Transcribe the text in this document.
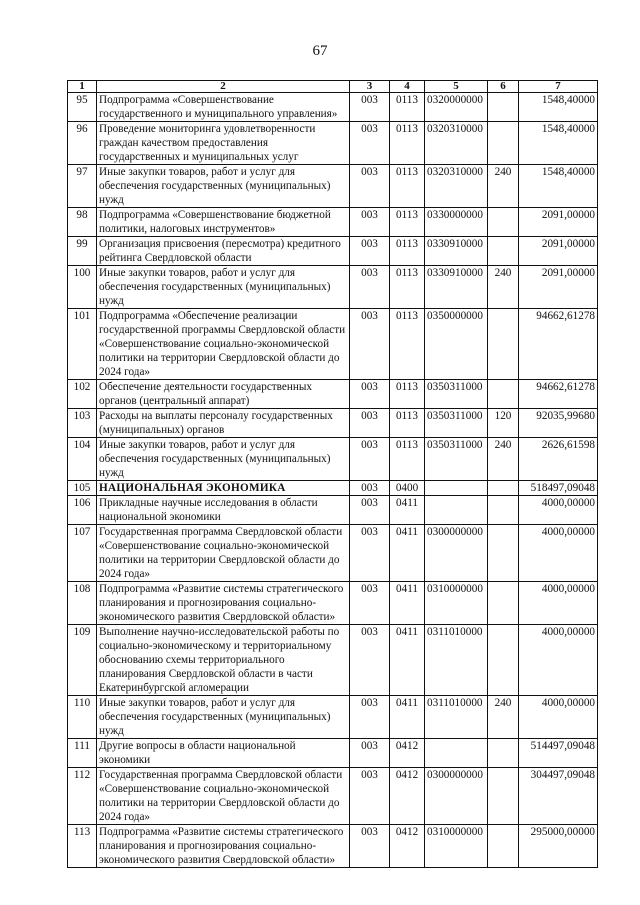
67
1	2	3	4	5	6	7
95	Подпрограмма «Совершенствование государственного и муниципального управления»	003	0113	0320000000		1548,40000
96	Проведение мониторинга удовлетворенности граждан качеством предоставления государственных и муниципальных услуг	003	0113	0320310000		1548,40000
97	Иные закупки товаров, работ и услуг для обеспечения государственных (муниципальных) нужд	003	0113	0320310000	240	1548,40000
98	Подпрограмма «Совершенствование бюджетной политики, налоговых инструментов»	003	0113	0330000000		2091,00000
99	Организация присвоения (пересмотра) кредитного рейтинга Свердловской области	003	0113	0330910000		2091,00000
100	Иные закупки товаров, работ и услуг для обеспечения государственных (муниципальных) нужд	003	0113	0330910000	240	2091,00000
101	Подпрограмма «Обеспечение реализации государственной программы Свердловской области «Совершенствование социально-экономической политики на территории Свердловской области до 2024 года»	003	0113	0350000000		94662,61278
102	Обеспечение деятельности государственных органов (центральный аппарат)	003	0113	0350311000		94662,61278
103	Расходы на выплаты персоналу государственных (муниципальных) органов	003	0113	0350311000	120	92035,99680
104	Иные закупки товаров, работ и услуг для обеспечения государственных (муниципальных) нужд	003	0113	0350311000	240	2626,61598
105	НАЦИОНАЛЬНАЯ ЭКОНОМИКА	003	0400			518497,09048
106	Прикладные научные исследования в области национальной экономики	003	0411			4000,00000
107	Государственная программа Свердловской области «Совершенствование социально-экономической политики на территории Свердловской области до 2024 года»	003	0411	0300000000		4000,00000
108	Подпрограмма «Развитие системы стратегического планирования и прогнозирования социально-экономического развития Свердловской области»	003	0411	0310000000		4000,00000
109	Выполнение научно-исследовательской работы по социально-экономическому и территориальному обоснованию схемы территориального планирования Свердловской области в части Екатеринбургской агломерации	003	0411	0311010000		4000,00000
110	Иные закупки товаров, работ и услуг для обеспечения государственных (муниципальных) нужд	003	0411	0311010000	240	4000,00000
111	Другие вопросы в области национальной экономики	003	0412			514497,09048
112	Государственная программа Свердловской области «Совершенствование социально-экономической политики на территории Свердловской области до 2024 года»	003	0412	0300000000		304497,09048
113	Подпрограмма «Развитие системы стратегического планирования и прогнозирования социально-экономического развития Свердловской области»	003	0412	0310000000		295000,00000
